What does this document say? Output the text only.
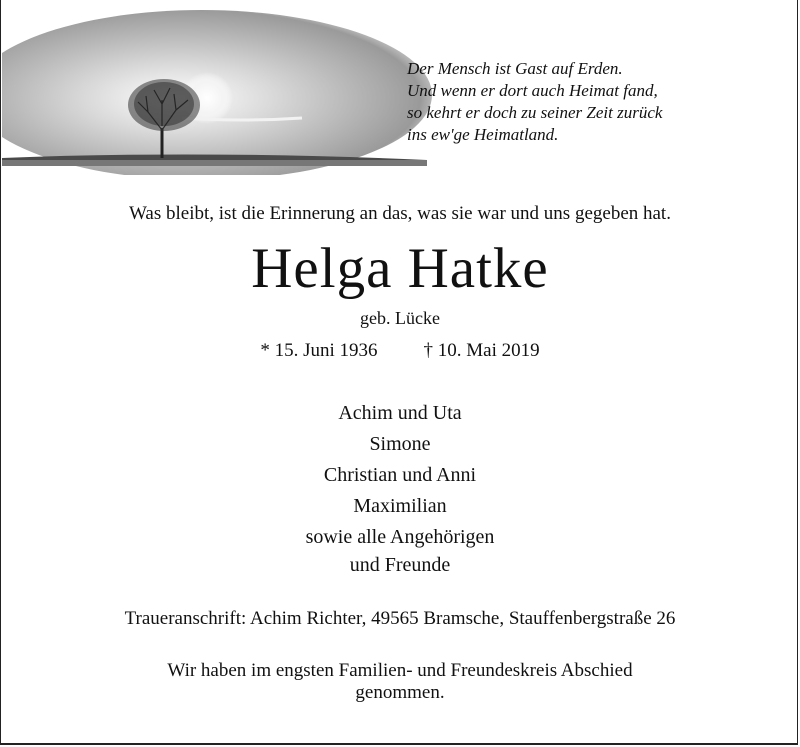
Der Mensch ist Gast auf Erden.
Und wenn er dort auch Heimat fand,
so kehrt er doch zu seiner Zeit zurück
ins ew'ge Heimatland.
Was bleibt, ist die Erinnerung an das, was sie war und uns gegeben hat.
Helga Hatke
geb. Lücke
* 15. Juni 1936 † 10. Mai 2019
Achim und Uta
Simone
Christian und Anni
Maximilian
sowie alle Angehörigen
und Freunde
Traueranschrift: Achim Richter, 49565 Bramsche, Stauffenbergstraße 26
Wir haben im engsten Familien- und Freundeskreis Abschied
genommen.
